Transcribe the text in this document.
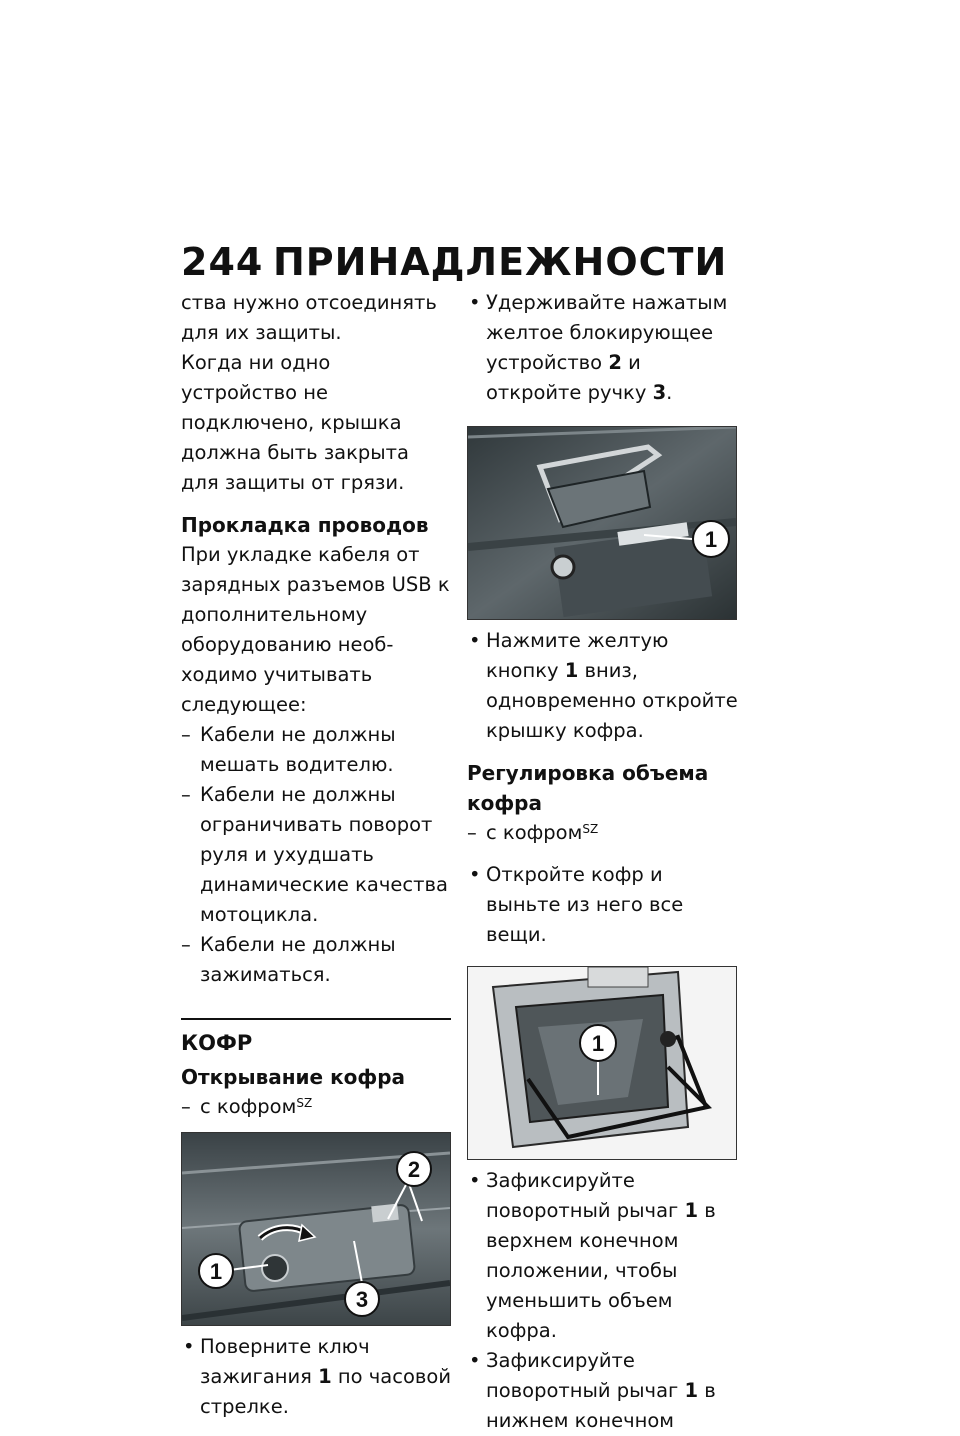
244 ПРИНАДЛЕЖНОСТИ

ства нужно отсоединять для их защиты.

Когда ни одно устройство не подключено, крышка должна быть закрыта для защиты от грязи.

Прокладка проводов

При укладке кабеля от зарядных разъемов USB к дополнительному оборудованию необходимо учитывать следующее:

– Кабели не должны мешать водителю.
– Кабели не должны ограничивать поворот руля и ухудшать динамические качества мотоцикла.
– Кабели не должны зажиматься.
КОФР
Открывание кофра
– с кофром$^{SZ}$
1
2
3
• Поверните ключ зажигания 1 по часовой стрелке.
• Удерживайте нажатым желтое блокирующее устройство 2 и откройте ручку 3.
1
• Нажмите желтую кнопку 1 вниз, одновременно откройте крышку кофра.
Регулировка объема кофра
– с кофром$^{SZ}$
• Откройте кофр и выньте из него все вещи.
1
• Зафиксируйте поворотный рычаг 1 в верхнем конечном положении, чтобы уменьшить объем кофра.
• Зафиксируйте поворотный рычаг 1 в нижнем конечном
